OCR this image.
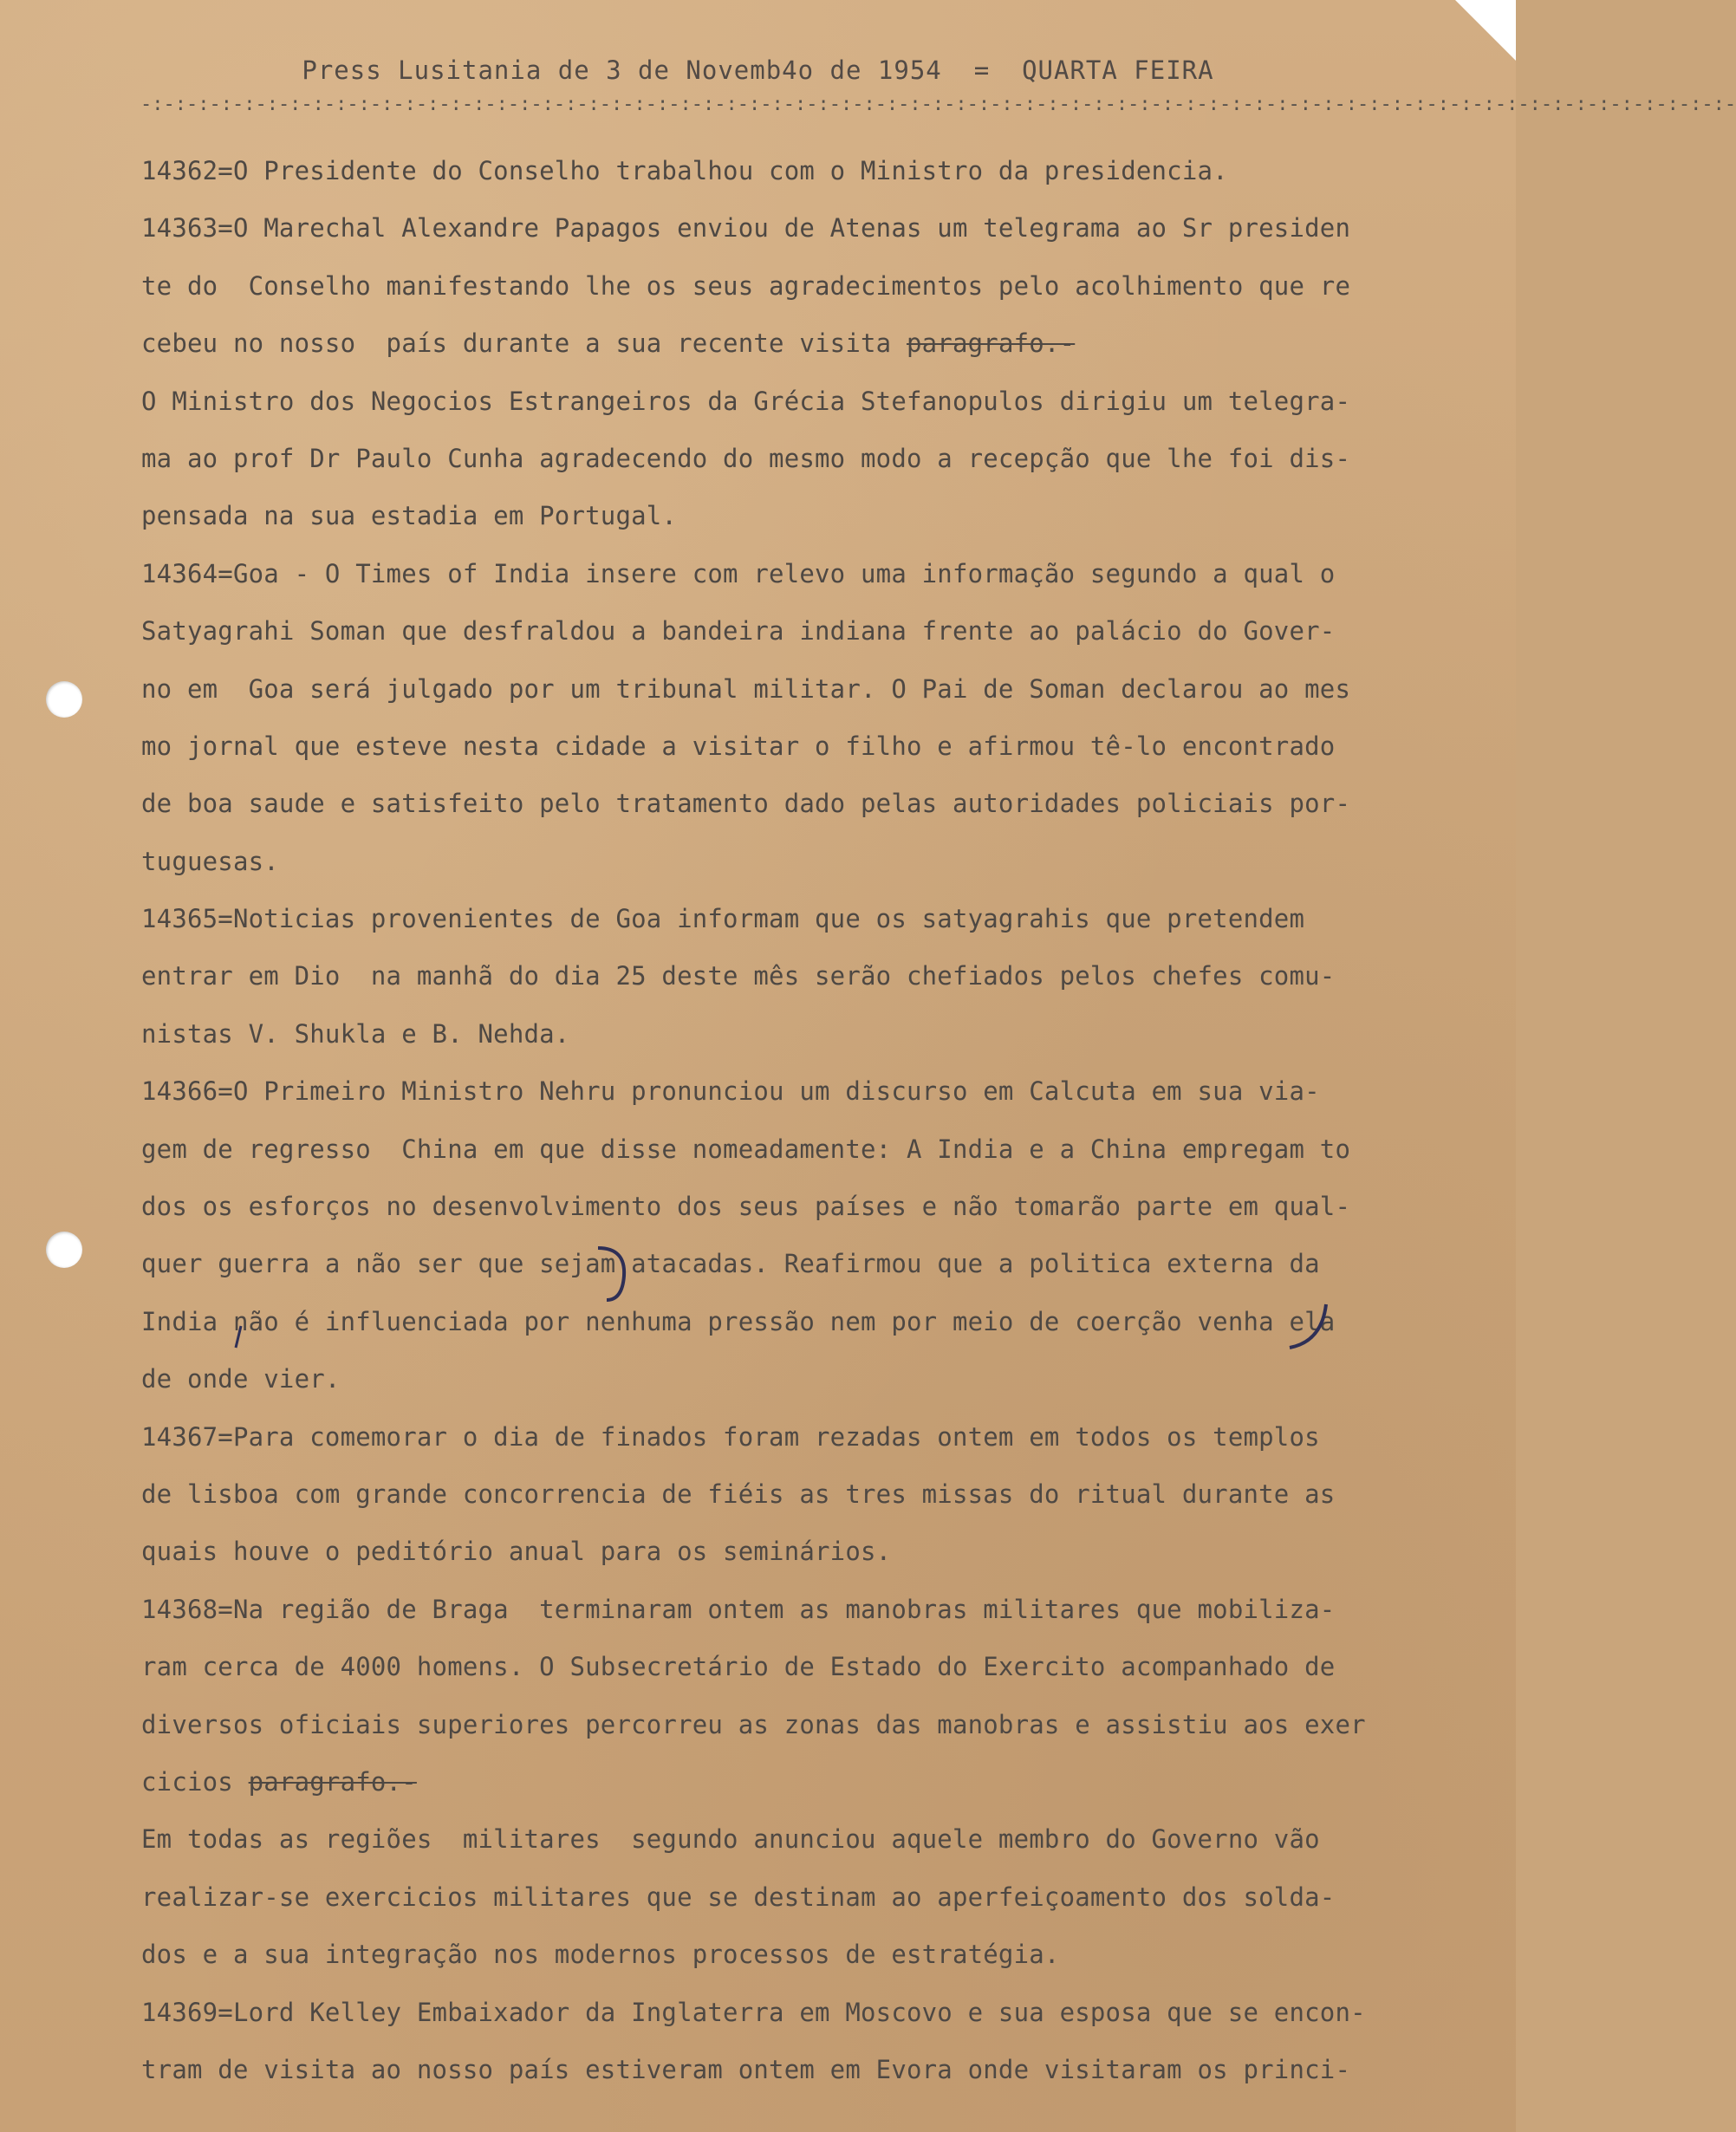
Press Lusitania de 3 de Novemb4o de 1954  =  QUARTA FEIRA
-:-:-:-:-:-:-:-:-:-:-:-:-:-:-:-:-:-:-:-:-:-:-:-:-:-:-:-:-:-:-:-:-:-:-:-:-:-:-:-:-:-:-:-:-:-:-:-:-:-:-:-:-:-:-:-:-:-:-:-:-:-:-:-:-:-:-:-:-:-
14362=O Presidente do Conselho trabalhou com o Ministro da presidencia.
14363=O Marechal Alexandre Papagos enviou de Atenas um telegrama ao Sr presiden
te do  Conselho manifestando lhe os seus agradecimentos pelo acolhimento que re
cebeu no nosso  país durante a sua recente visita paragrafo.-
O Ministro dos Negocios Estrangeiros da Grécia Stefanopulos dirigiu um telegra-
ma ao prof Dr Paulo Cunha agradecendo do mesmo modo a recepção que lhe foi dis-
pensada na sua estadia em Portugal.
14364=Goa - O Times of India insere com relevo uma informação segundo a qual o
Satyagrahi Soman que desfraldou a bandeira indiana frente ao palácio do Gover-
no em  Goa será julgado por um tribunal militar. O Pai de Soman declarou ao mes
mo jornal que esteve nesta cidade a visitar o filho e afirmou tê-lo encontrado
de boa saude e satisfeito pelo tratamento dado pelas autoridades policiais por-
tuguesas.
14365=Noticias provenientes de Goa informam que os satyagrahis que pretendem
entrar em Dio  na manhã do dia 25 deste mês serão chefiados pelos chefes comu-
nistas V. Shukla e B. Nehda.
14366=O Primeiro Ministro Nehru pronunciou um discurso em Calcuta em sua via-
gem de regresso  China em que disse nomeadamente: A India e a China empregam to
dos os esforços no desenvolvimento dos seus países e não tomarão parte em qual-
quer guerra a não ser que sejam atacadas. Reafirmou que a politica externa da
India não é influenciada por nenhuma pressão nem por meio de coerção venha ela
de onde vier.
14367=Para comemorar o dia de finados foram rezadas ontem em todos os templos
de lisboa com grande concorrencia de fiéis as tres missas do ritual durante as
quais houve o peditório anual para os seminários.
14368=Na região de Braga  terminaram ontem as manobras militares que mobiliza-
ram cerca de 4000 homens. O Subsecretário de Estado do Exercito acompanhado de
diversos oficiais superiores percorreu as zonas das manobras e assistiu aos exer
cicios paragrafo.-
Em todas as regiões  militares  segundo anunciou aquele membro do Governo vão
realizar-se exercicios militares que se destinam ao aperfeiçoamento dos solda-
dos e a sua integração nos modernos processos de estratégia.
14369=Lord Kelley Embaixador da Inglaterra em Moscovo e sua esposa que se encon-
tram de visita ao nosso país estiveram ontem em Evora onde visitaram os princi-
